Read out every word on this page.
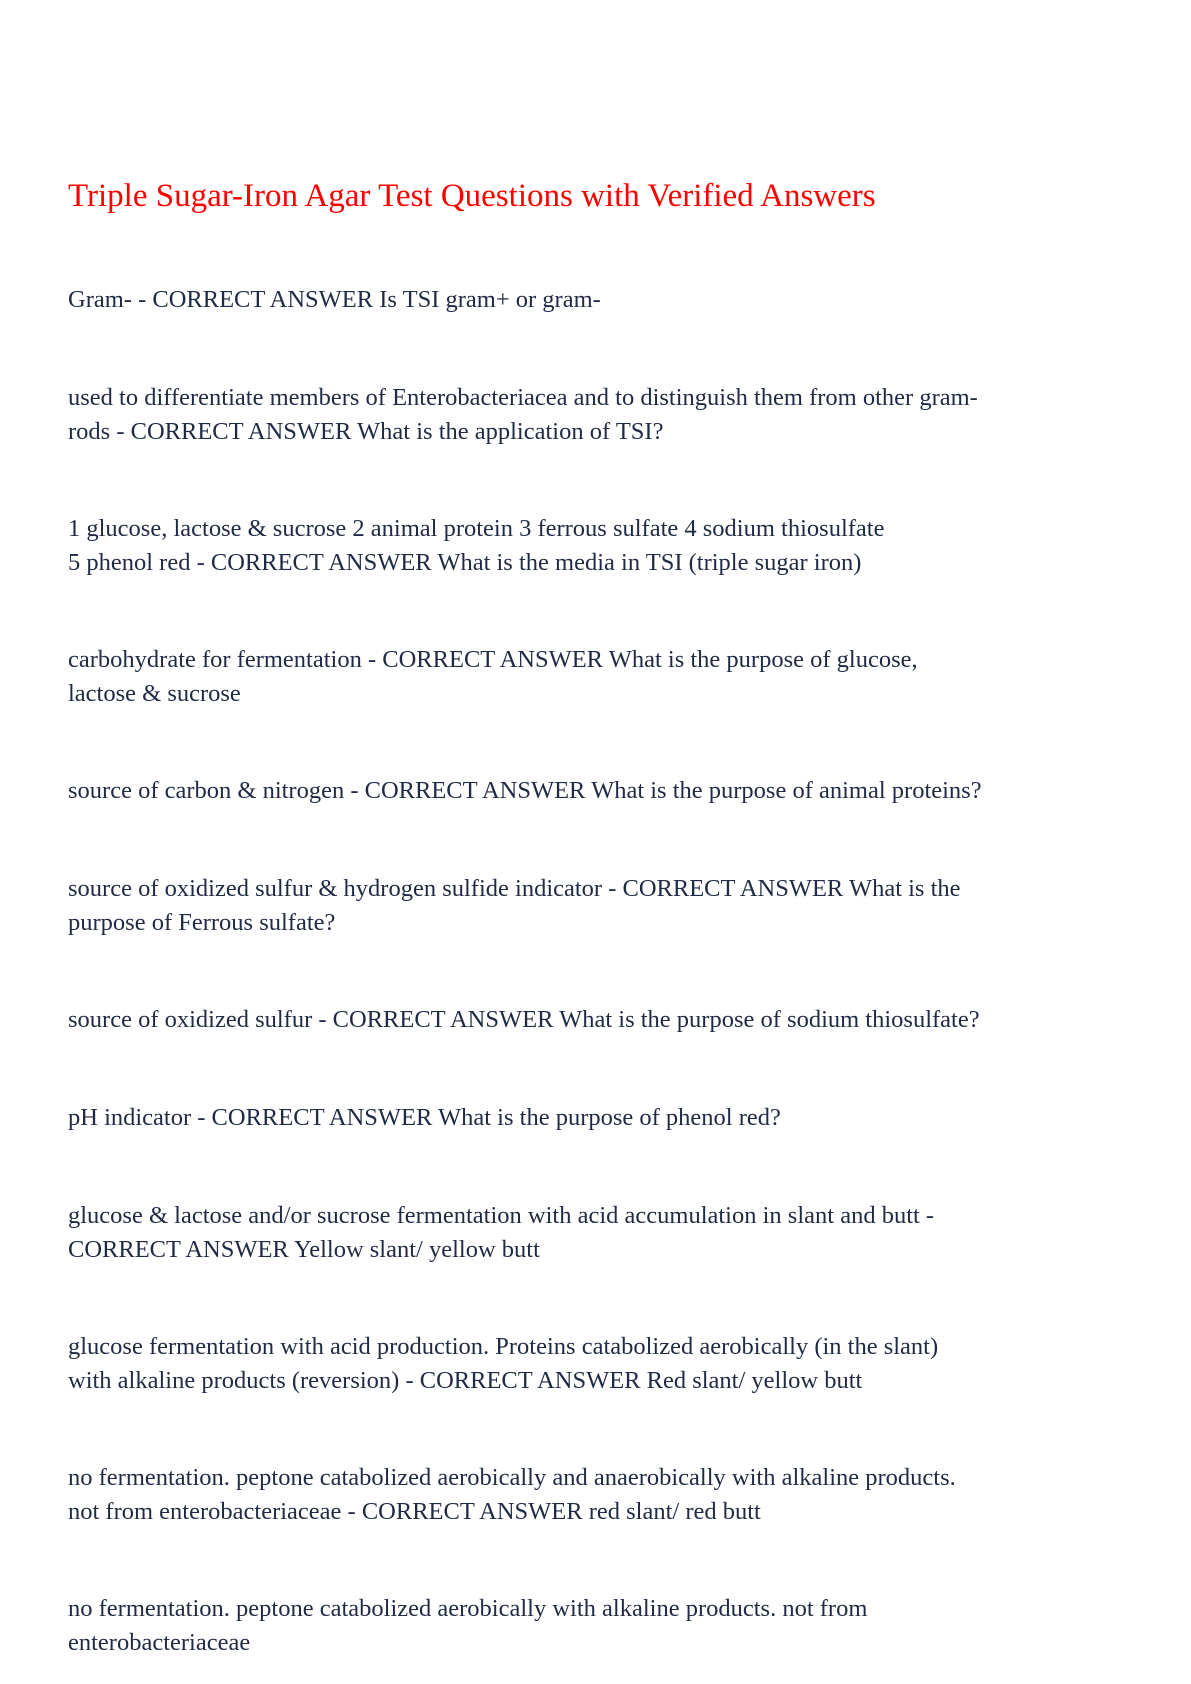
Triple Sugar-Iron Agar Test Questions with Verified Answers

Gram- - CORRECT ANSWER Is TSI gram+ or gram-

used to differentiate members of Enterobacteriacea and to distinguish them from other gram-
rods - CORRECT ANSWER What is the application of TSI?

1 glucose, lactose & sucrose 2 animal protein 3 ferrous sulfate 4 sodium thiosulfate
5 phenol red - CORRECT ANSWER What is the media in TSI (triple sugar iron)

carbohydrate for fermentation - CORRECT ANSWER What is the purpose of glucose,
lactose & sucrose

source of carbon & nitrogen - CORRECT ANSWER What is the purpose of animal proteins?

source of oxidized sulfur & hydrogen sulfide indicator - CORRECT ANSWER What is the
purpose of Ferrous sulfate?

source of oxidized sulfur - CORRECT ANSWER What is the purpose of sodium thiosulfate?

pH indicator - CORRECT ANSWER What is the purpose of phenol red?

glucose & lactose and/or sucrose fermentation with acid accumulation in slant and butt -
CORRECT ANSWER Yellow slant/ yellow butt

glucose fermentation with acid production. Proteins catabolized aerobically (in the slant)
with alkaline products (reversion) - CORRECT ANSWER Red slant/ yellow butt

no fermentation. peptone catabolized aerobically and anaerobically with alkaline products.
not from enterobacteriaceae - CORRECT ANSWER red slant/ red butt

no fermentation. peptone catabolized aerobically with alkaline products. not from
enterobacteriaceae
